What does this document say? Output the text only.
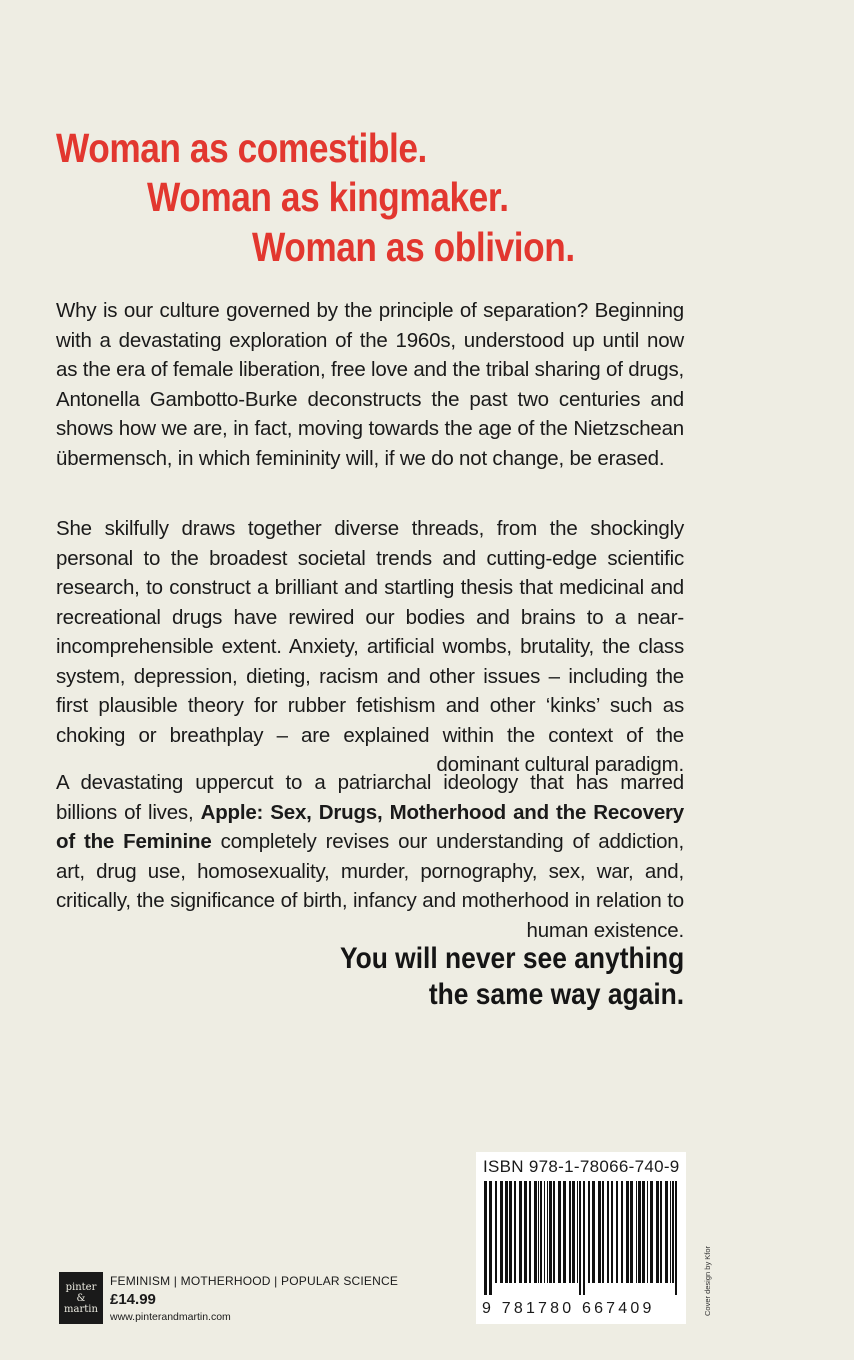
Woman as comestible.
Woman as kingmaker.
Woman as oblivion.

Why is our culture governed by the principle of separation? Beginning with a devastating exploration of the 1960s, understood up until now as the era of female liberation, free love and the tribal sharing of drugs, Antonella Gambotto-Burke deconstructs the past two centuries and shows how we are, in fact, moving towards the age of the Nietzschean übermensch, in which femininity will, if we do not change, be erased.

She skilfully draws together diverse threads, from the shockingly personal to the broadest societal trends and cutting-edge scientific research, to construct a brilliant and startling thesis that medicinal and recreational drugs have rewired our bodies and brains to a near-incomprehensible extent. Anxiety, artificial wombs, brutality, the class system, depression, dieting, racism and other issues – including the first plausible theory for rubber fetishism and other ‘kinks’ such as choking or breathplay – are explained within the context of the dominant cultural paradigm.

A devastating uppercut to a patriarchal ideology that has marred billions of lives, Apple: Sex, Drugs, Motherhood and the Recovery of the Feminine completely revises our understanding of addiction, art, drug use, homosexuality, murder, pornography, sex, war, and, critically, the significance of birth, infancy and motherhood in relation to human existence.

You will never see anything
the same way again.
pinter
&
martin
FEMINISM | MOTHERHOOD | POPULAR SCIENCE
£14.99
www.pinterandmartin.com
ISBN 978-1-78066-740-9
9 781780 667409	Cover design by Kfor
